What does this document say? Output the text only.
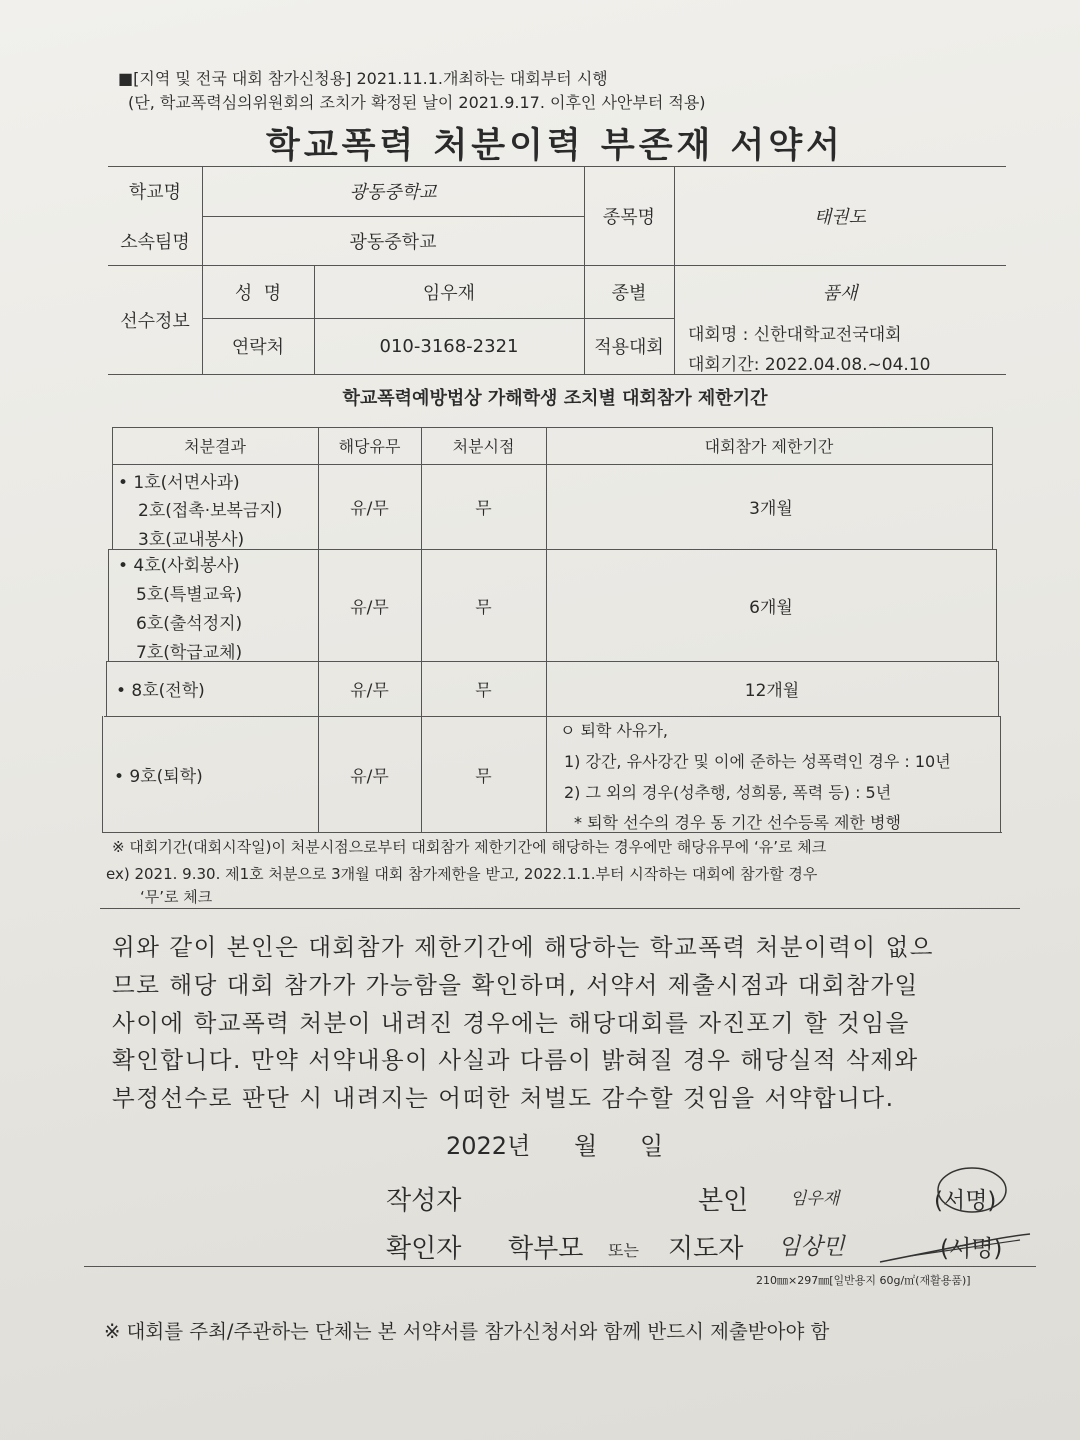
■[지역 및 전국 대회 참가신청용] 2021.11.1.개최하는 대회부터 시행
(단, 학교폭력심의위원회의 조치가 확정된 날이 2021.9.17. 이후인 사안부터 적용)
학교폭력 처분이력 부존재 서약서
학교명	광동중학교
소속팀명	광동중학교
종목명	태권도
선수정보
성  명	임우재
연락처	010-3168-2321
종별	품새
적용대회
대회명 : 신한대학교전국대회
대회기간: 2022.04.08.~04.10
학교폭력예방법상 가해학생 조치별 대회참가 제한기간
처분결과	해당유무	처분시점	대회참가 제한기간
• 1호(서면사과)
2호(접촉·보복금지)
3호(교내봉사)
유/무	무	3개월
• 4호(사회봉사)
5호(특별교육)
6호(출석정지)
7호(학급교체)
유/무	무	6개월
• 8호(전학)	유/무	무	12개월
• 9호(퇴학)	유/무	무
ㅇ 퇴학 사유가,
1) 강간, 유사강간 및 이에 준하는 성폭력인 경우 : 10년
2) 그 외의 경우(성추행, 성희롱, 폭력 등) : 5년
* 퇴학 선수의 경우 동 기간 선수등록 제한 병행
※ 대회기간(대회시작일)이 처분시점으로부터 대회참가 제한기간에 해당하는 경우에만 해당유무에 ‘유’로 체크
ex) 2021. 9.30. 제1호 처분으로 3개월 대회 참가제한을 받고, 2022.1.1.부터 시작하는 대회에 참가할 경우
‘무’로 체크
위와 같이 본인은 대회참가 제한기간에 해당하는 학교폭력 처분이력이 없으
므로 해당 대회 참가가 가능함을 확인하며, 서약서 제출시점과 대회참가일
사이에 학교폭력 처분이 내려진 경우에는 해당대회를 자진포기 할 것임을
확인합니다. 만약 서약내용이 사실과 다름이 밝혀질 경우 해당실적 삭제와
부정선수로 판단 시 내려지는 어떠한 처벌도 감수할 것임을 서약합니다.
2022년 월 일
작성자	본인 임우재	(서명)
확인자 학부모 또는 지도자 임상민	(서명)
210㎜×297㎜[일반용지 60g/㎡(재활용품)]
※ 대회를 주최/주관하는 단체는 본 서약서를 참가신청서와 함께 반드시 제출받아야 함
